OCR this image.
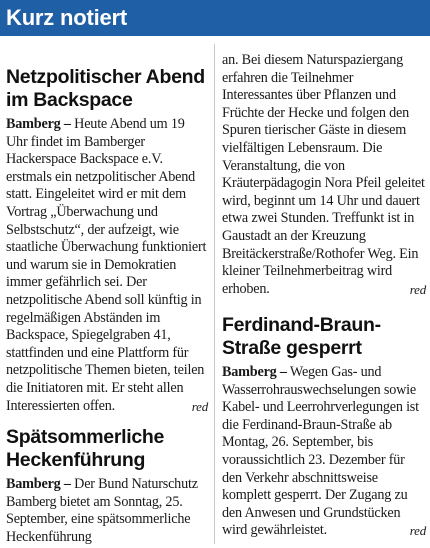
Kurz notiert
Netzpolitischer Abend im Backspace

Bamberg – Heute Abend um 19 Uhr findet im Bamberger Hackerspace Backspace e.V. erstmals ein netzpolitischer Abend statt. Eingeleitet wird er mit dem Vortrag „Überwachung und Selbstschutz“, der aufzeigt, wie staatliche Überwachung funktioniert und warum sie in Demokratien immer gefährlich sei. Der netzpolitische Abend soll künftig in regelmäßigen Abständen im Backspace, Spiegelgraben 41, stattfinden und eine Plattform für netzpolitische Themen bieten, teilen die Initiatoren mit. Er steht allen Interessierten offen.	red

Spätsommerliche Heckenführung

Bamberg – Der Bund Naturschutz Bamberg bietet am Sonntag, 25. September, eine spätsommerliche Heckenführung

an. Bei diesem Naturspaziergang erfahren die Teilnehmer Interessantes über Pflanzen und Früchte der Hecke und folgen den Spuren tierischer Gäste in diesem vielfältigen Lebensraum. Die Veranstaltung, die von Kräuterpädagogin Nora Pfeil geleitet wird, beginnt um 14 Uhr und dauert etwa zwei Stunden. Treffunkt ist in Gaustadt an der Kreuzung Breitäckerstraße/Rothofer Weg. Ein kleiner Teilnehmerbeitrag wird erhoben.	red

Ferdinand-Braun-Straße gesperrt

Bamberg – Wegen Gas- und Wasserrohrauswechselungen sowie Kabel- und Leerrohrverlegungen ist die Ferdinand-Braun-Straße ab Montag, 26. September, bis voraussichtlich 23. Dezember für den Verkehr abschnittsweise komplett gesperrt. Der Zugang zu den Anwesen und Grundstücken wird gewährleistet.	red
